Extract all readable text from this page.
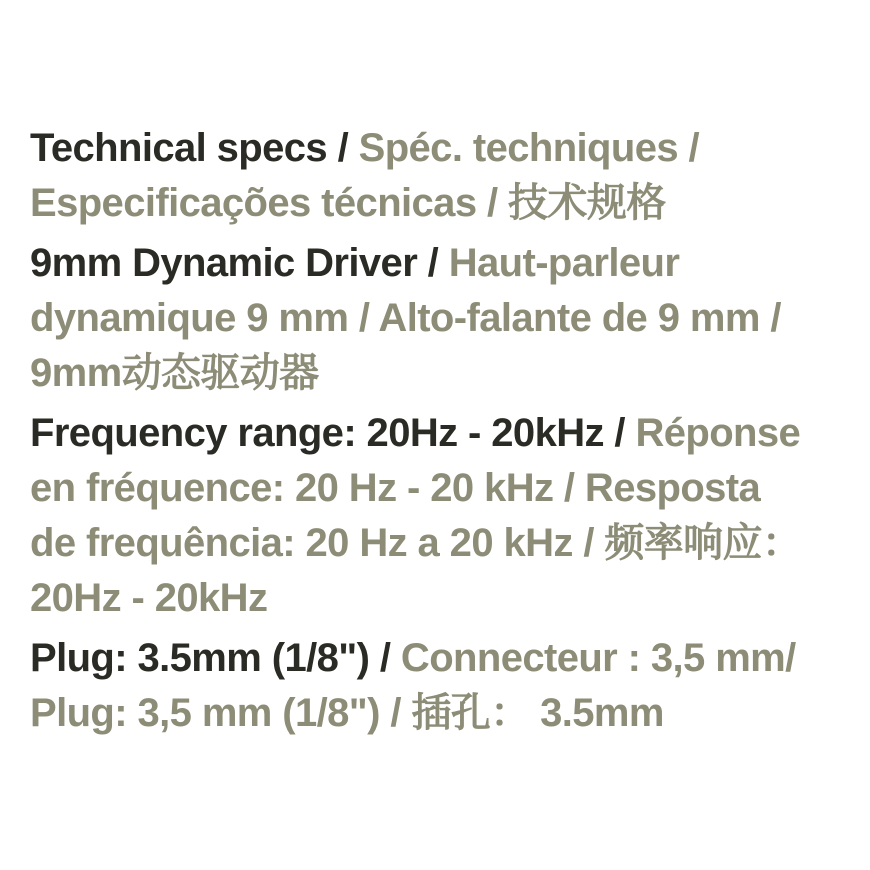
Technical specs / Spéc. techniques /
Especificações técnicas / 技术规格

9mm Dynamic Driver / Haut-parleur
dynamique 9 mm / Alto-falante de 9 mm /
9mm动态驱动器

Frequency range: 20Hz - 20kHz / Réponse
en fréquence: 20 Hz - 20 kHz / Resposta
de frequência: 20 Hz a 20 kHz / 频率响应：
20Hz - 20kHz

Plug: 3.5mm (1/8") / Connecteur : 3,5 mm/
Plug: 3,5 mm (1/8") / 插孔： 3.5mm
